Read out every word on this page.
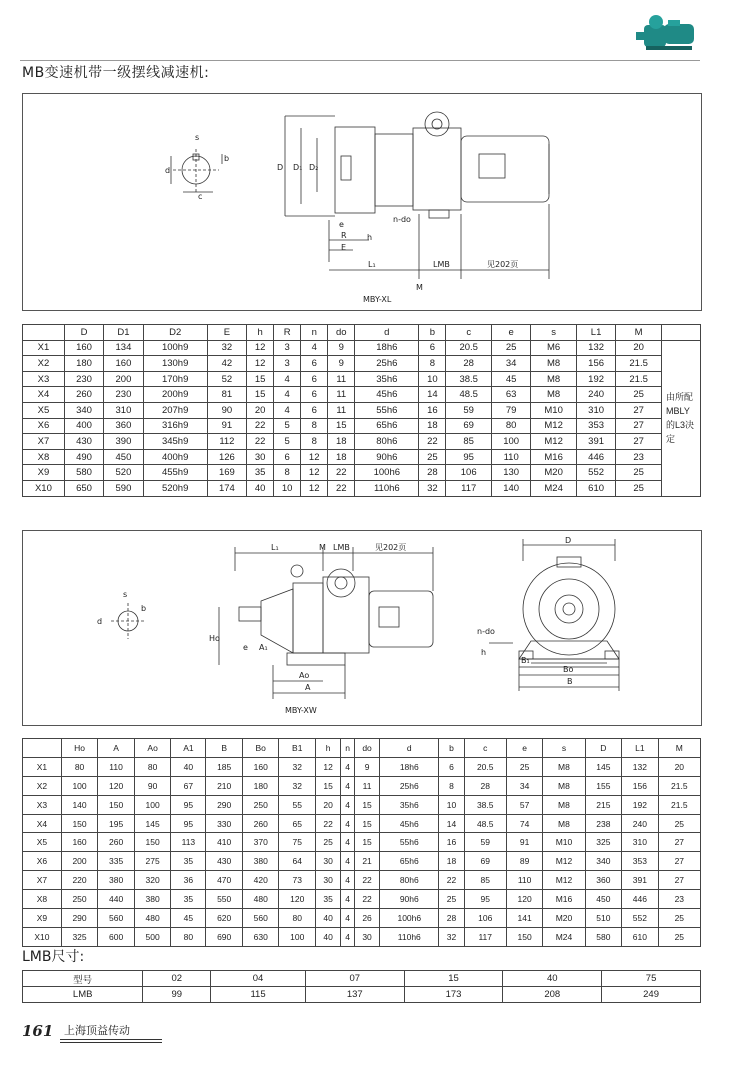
MB变速机带一级摆线减速机:
s
d
b
c
D D₁ D₂
e
R
E
h
n-do
L₁	LMB	见202页
M
MBY-XL
	D	D1	D2	E	h	R	n	do	d	b	c	e	s	L1	M	
X1	160	134	100h9	32	12	3	4	9	18h6	6	20.5	25	M6	132	20	由所配
MBLY
的L3决
定

X2	180	160	130h9	42	12	3	6	9	25h6	8	28	34	M8	156	21.5	
X3	230	200	170h9	52	15	4	6	11	35h6	10	38.5	45	M8	192	21.5	
X4	260	230	200h9	81	15	4	6	11	45h6	14	48.5	63	M8	240	25	
X5	340	310	207h9	90	20	4	6	11	55h6	16	59	79	M10	310	27	
X6	400	360	316h9	91	22	5	8	15	65h6	18	69	80	M12	353	27	
X7	430	390	345h9	112	22	5	8	18	80h6	22	85	100	M12	391	27	
X8	490	450	400h9	126	30	6	12	18	90h6	25	95	110	M16	446	23	
X9	580	520	455h9	169	35	8	12	22	100h6	28	106	130	M20	552	25	
X10	650	590	520h9	174	40	10	12	22	110h6	32	117	140	M24	610	25	
L₁	M LMB	见202页
D
s
d
b
Ho
e A₁
Ao
A
n-do
h
B₁
Bo
B
MBY-XW
	Ho	A	Ao	A1	B	Bo	B1	h	n	do	d	b	c	e	s	D	L1	M
X1	80	110	80	40	185	160	32	12	4	9	18h6	6	20.5	25	M8	145	132	20
X2	100	120	90	67	210	180	32	15	4	11	25h6	8	28	34	M8	155	156	21.5
X3	140	150	100	95	290	250	55	20	4	15	35h6	10	38.5	57	M8	215	192	21.5
X4	150	195	145	95	330	260	65	22	4	15	45h6	14	48.5	74	M8	238	240	25
X5	160	260	150	113	410	370	75	25	4	15	55h6	16	59	91	M10	325	310	27
X6	200	335	275	35	430	380	64	30	4	21	65h6	18	69	89	M12	340	353	27
X7	220	380	320	36	470	420	73	30	4	22	80h6	22	85	110	M12	360	391	27
X8	250	440	380	35	550	480	120	35	4	22	90h6	25	95	120	M16	450	446	23
X9	290	560	480	45	620	560	80	40	4	26	100h6	28	106	141	M20	510	552	25
X10	325	600	500	80	690	630	100	40	4	30	110h6	32	117	150	M24	580	610	25
LMB尺寸:
型号	02	04	07	15	40	75
LMB	99	115	137	173	208	249
161 上海顶益传动
